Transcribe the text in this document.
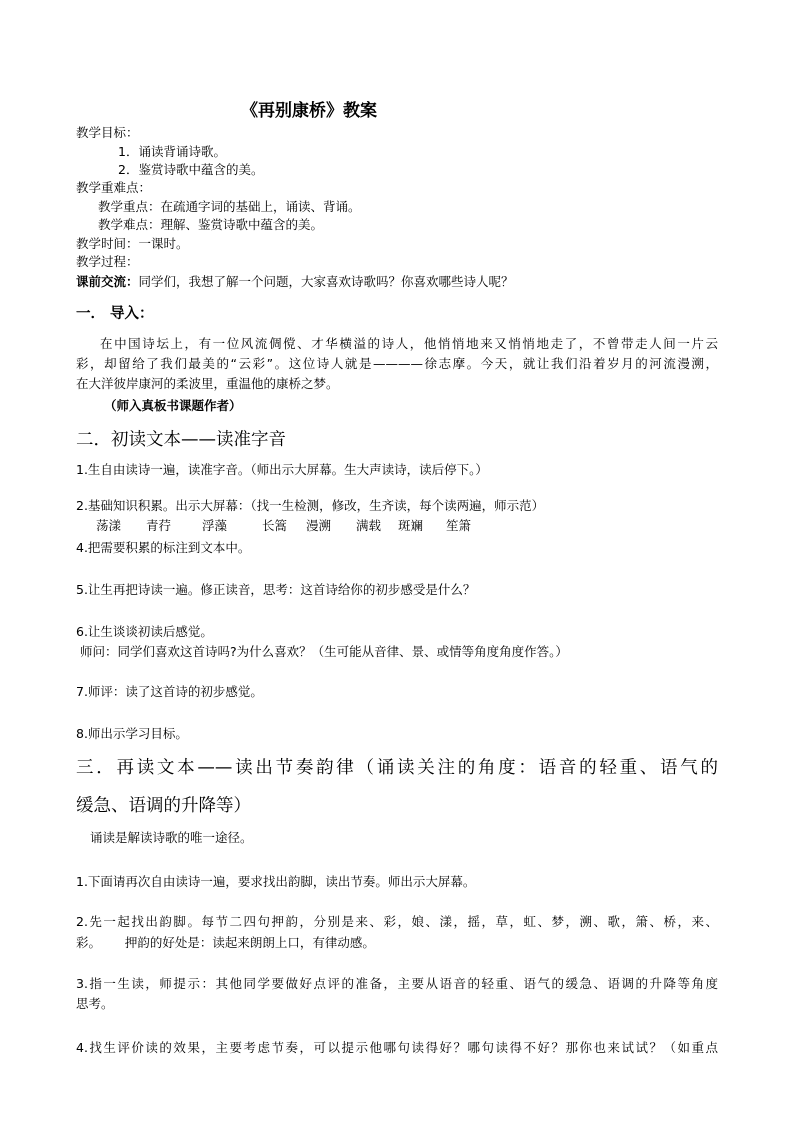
《再别康桥》教案
教学目标：
1．诵读背诵诗歌。
2．鉴赏诗歌中蕴含的美。
教学重难点：
教学重点：在疏通字词的基础上，诵读、背诵。
教学难点：理解、鉴赏诗歌中蕴含的美。
教学时间：一课时。
教学过程：
课前交流：同学们，我想了解一个问题，大家喜欢诗歌吗？你喜欢哪些诗人呢？
一． 导入：
在中国诗坛上，有一位风流倜傥、才华横溢的诗人，他悄悄地来又悄悄地走了，不曾带走人间一片云
彩，却留给了我们最美的“云彩”。这位诗人就是————徐志摩。今天，就让我们沿着岁月的河流漫溯，
在大洋彼岸康河的柔波里，重温他的康桥之梦。
（师入真板书课题作者）
二．初读文本——读准字音
1.生自由读诗一遍，读准字音。（师出示大屏幕。生大声读诗，读后停下。）
2.基础知识积累。出示大屏幕：（找一生检测，修改，生齐读，每个读两遍，师示范）
荡漾 青荇 浮藻	长篙 漫溯 满载 斑斓 笙箫
4.把需要积累的标注到文本中。
5.让生再把诗读一遍。修正读音，思考：这首诗给你的初步感受是什么？
6.让生谈谈初读后感觉。
师问：同学们喜欢这首诗吗?为什么喜欢？（生可能从音律、景、或情等角度角度作答。）
7.师评：读了这首诗的初步感觉。
8.师出示学习目标。
三．再读文本——读出节奏韵律（诵读关注的角度：语音的轻重、语气的
缓急、语调的升降等）
诵读是解读诗歌的唯一途径。
1.下面请再次自由读诗一遍，要求找出韵脚，读出节奏。师出示大屏幕。
2.先一起找出韵脚。每节二四句押韵，分别是来、彩，娘、漾，摇，草，虹、梦，溯、歌，箫、桥，来、
彩。      押韵的好处是：读起来朗朗上口，有律动感。
3.指一生读，师提示：其他同学要做好点评的准备，主要从语音的轻重、语气的缓急、语调的升降等角度
思考。
4.找生评价读的效果，主要考虑节奏，可以提示他哪句读得好？哪句读得不好？那你也来试试？（如重点
